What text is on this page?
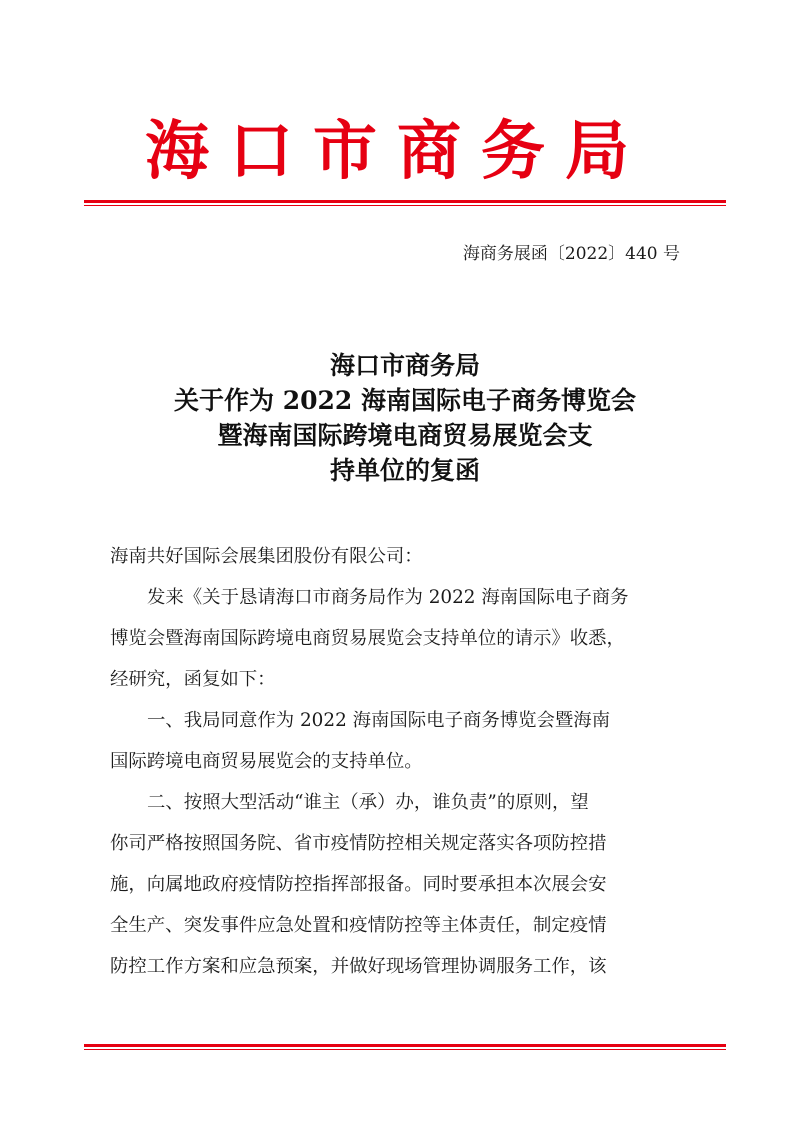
海口市商务局
海商务展函〔2022〕440 号
海口市商务局
关于作为 2022 海南国际电子商务博览会
暨海南国际跨境电商贸易展览会支
持单位的复函

海南共好国际会展集团股份有限公司：

发来《关于恳请海口市商务局作为 2022 海南国际电子商务

博览会暨海南国际跨境电商贸易展览会支持单位的请示》收悉，

经研究，函复如下：

一、我局同意作为 2022 海南国际电子商务博览会暨海南

国际跨境电商贸易展览会的支持单位。

二、按照大型活动“谁主（承）办，谁负责”的原则，望

你司严格按照国务院、省市疫情防控相关规定落实各项防控措

施，向属地政府疫情防控指挥部报备。同时要承担本次展会安

全生产、突发事件应急处置和疫情防控等主体责任，制定疫情

防控工作方案和应急预案，并做好现场管理协调服务工作，该
